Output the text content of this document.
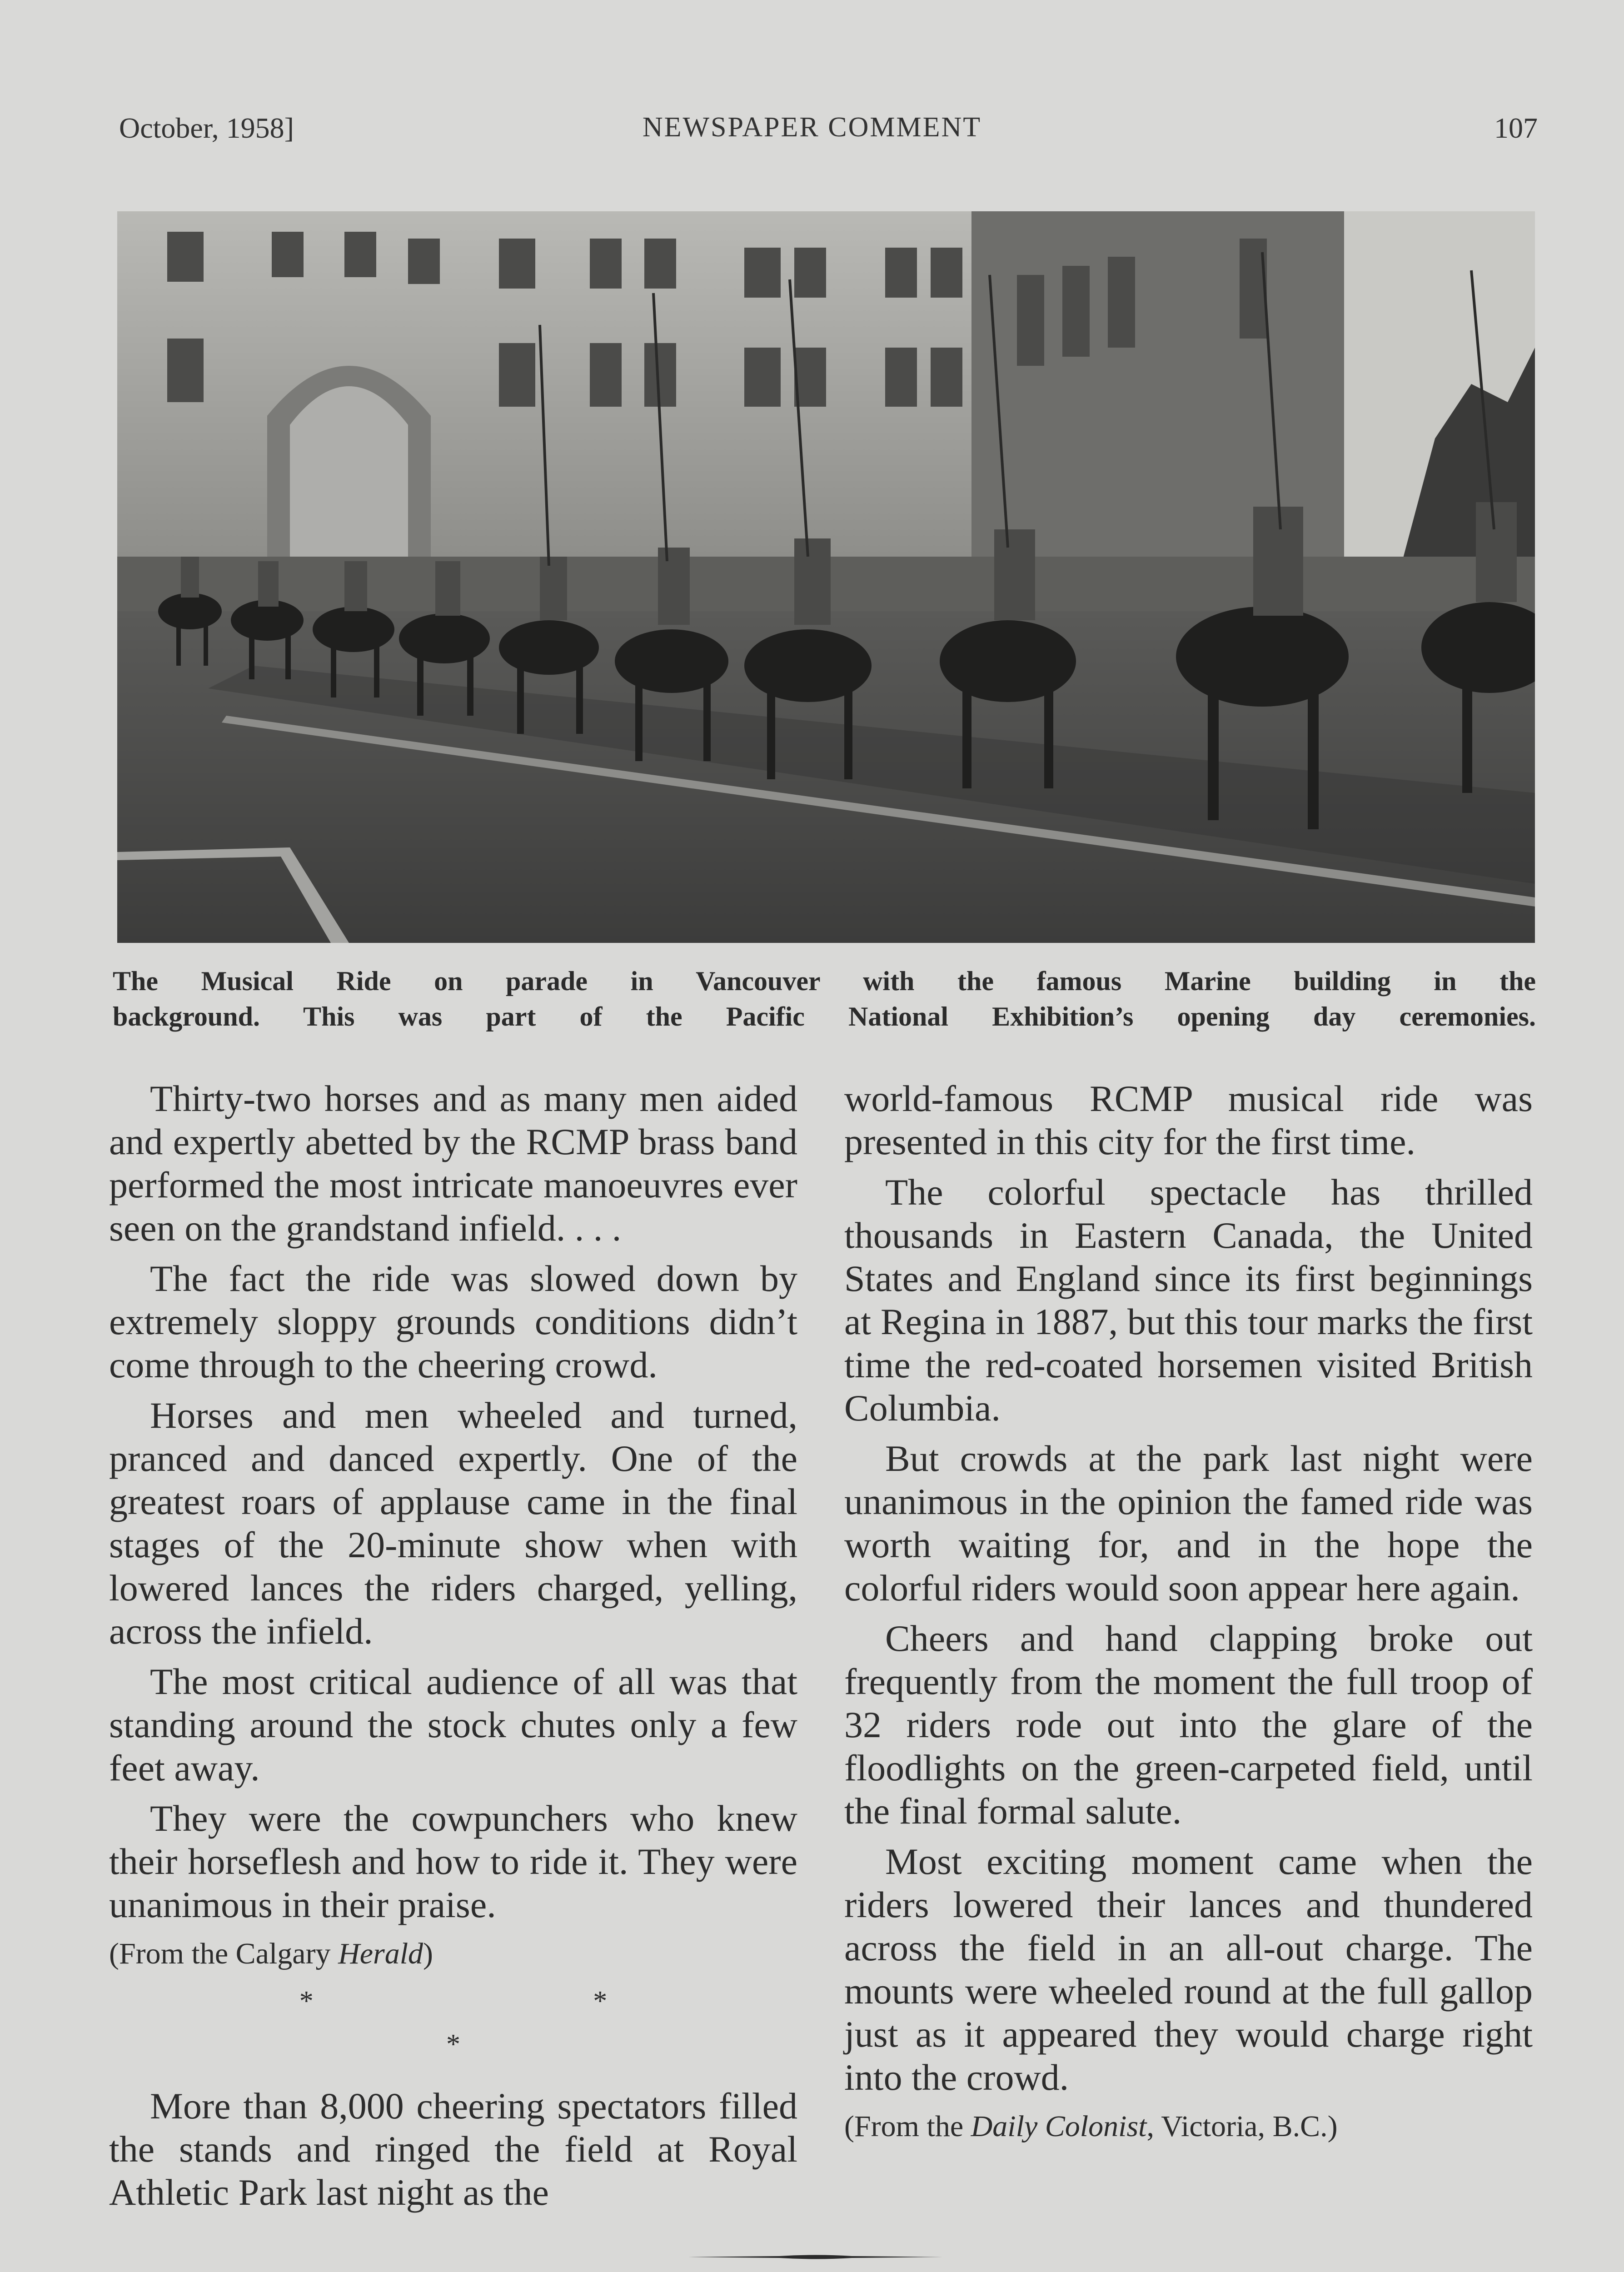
NEWSPAPER COMMENT
October, 1958]	107
The Musical Ride on parade in Vancouver with the famous Marine building in the
background. This was part of the Pacific National Exhibition’s opening day ceremonies.

Thirty-two horses and as many men aided and expertly abetted by the RCMP brass band performed the most intricate manoeuvres ever seen on the grandstand infield. . . .

The fact the ride was slowed down by extremely sloppy grounds conditions didn’t come through to the cheering crowd.

Horses and men wheeled and turned, pranced and danced expertly. One of the greatest roars of applause came in the final stages of the 20-minute show when with lowered lances the riders charged, yelling, across the infield.

The most critical audience of all was that standing around the stock chutes only a few feet away.

They were the cowpunchers who knew their horseflesh and how to ride it. They were unanimous in their praise.

(From the Calgary Herald)

* * *

More than 8,000 cheering spectators filled the stands and ringed the field at Royal Athletic Park last night as the

world-famous RCMP musical ride was presented in this city for the first time.

The colorful spectacle has thrilled thousands in Eastern Canada, the United States and England since its first beginnings at Regina in 1887, but this tour marks the first time the red-coated horsemen visited British Columbia.

But crowds at the park last night were unanimous in the opinion the famed ride was worth waiting for, and in the hope the colorful riders would soon appear here again.

Cheers and hand clapping broke out frequently from the moment the full troop of 32 riders rode out into the glare of the floodlights on the green-carpeted field, until the final formal salute.

Most exciting moment came when the riders lowered their lances and thundered across the field in an all-out charge. The mounts were wheeled round at the full gallop just as it appeared they would charge right into the crowd.

(From the Daily Colonist, Victoria, B.C.)
